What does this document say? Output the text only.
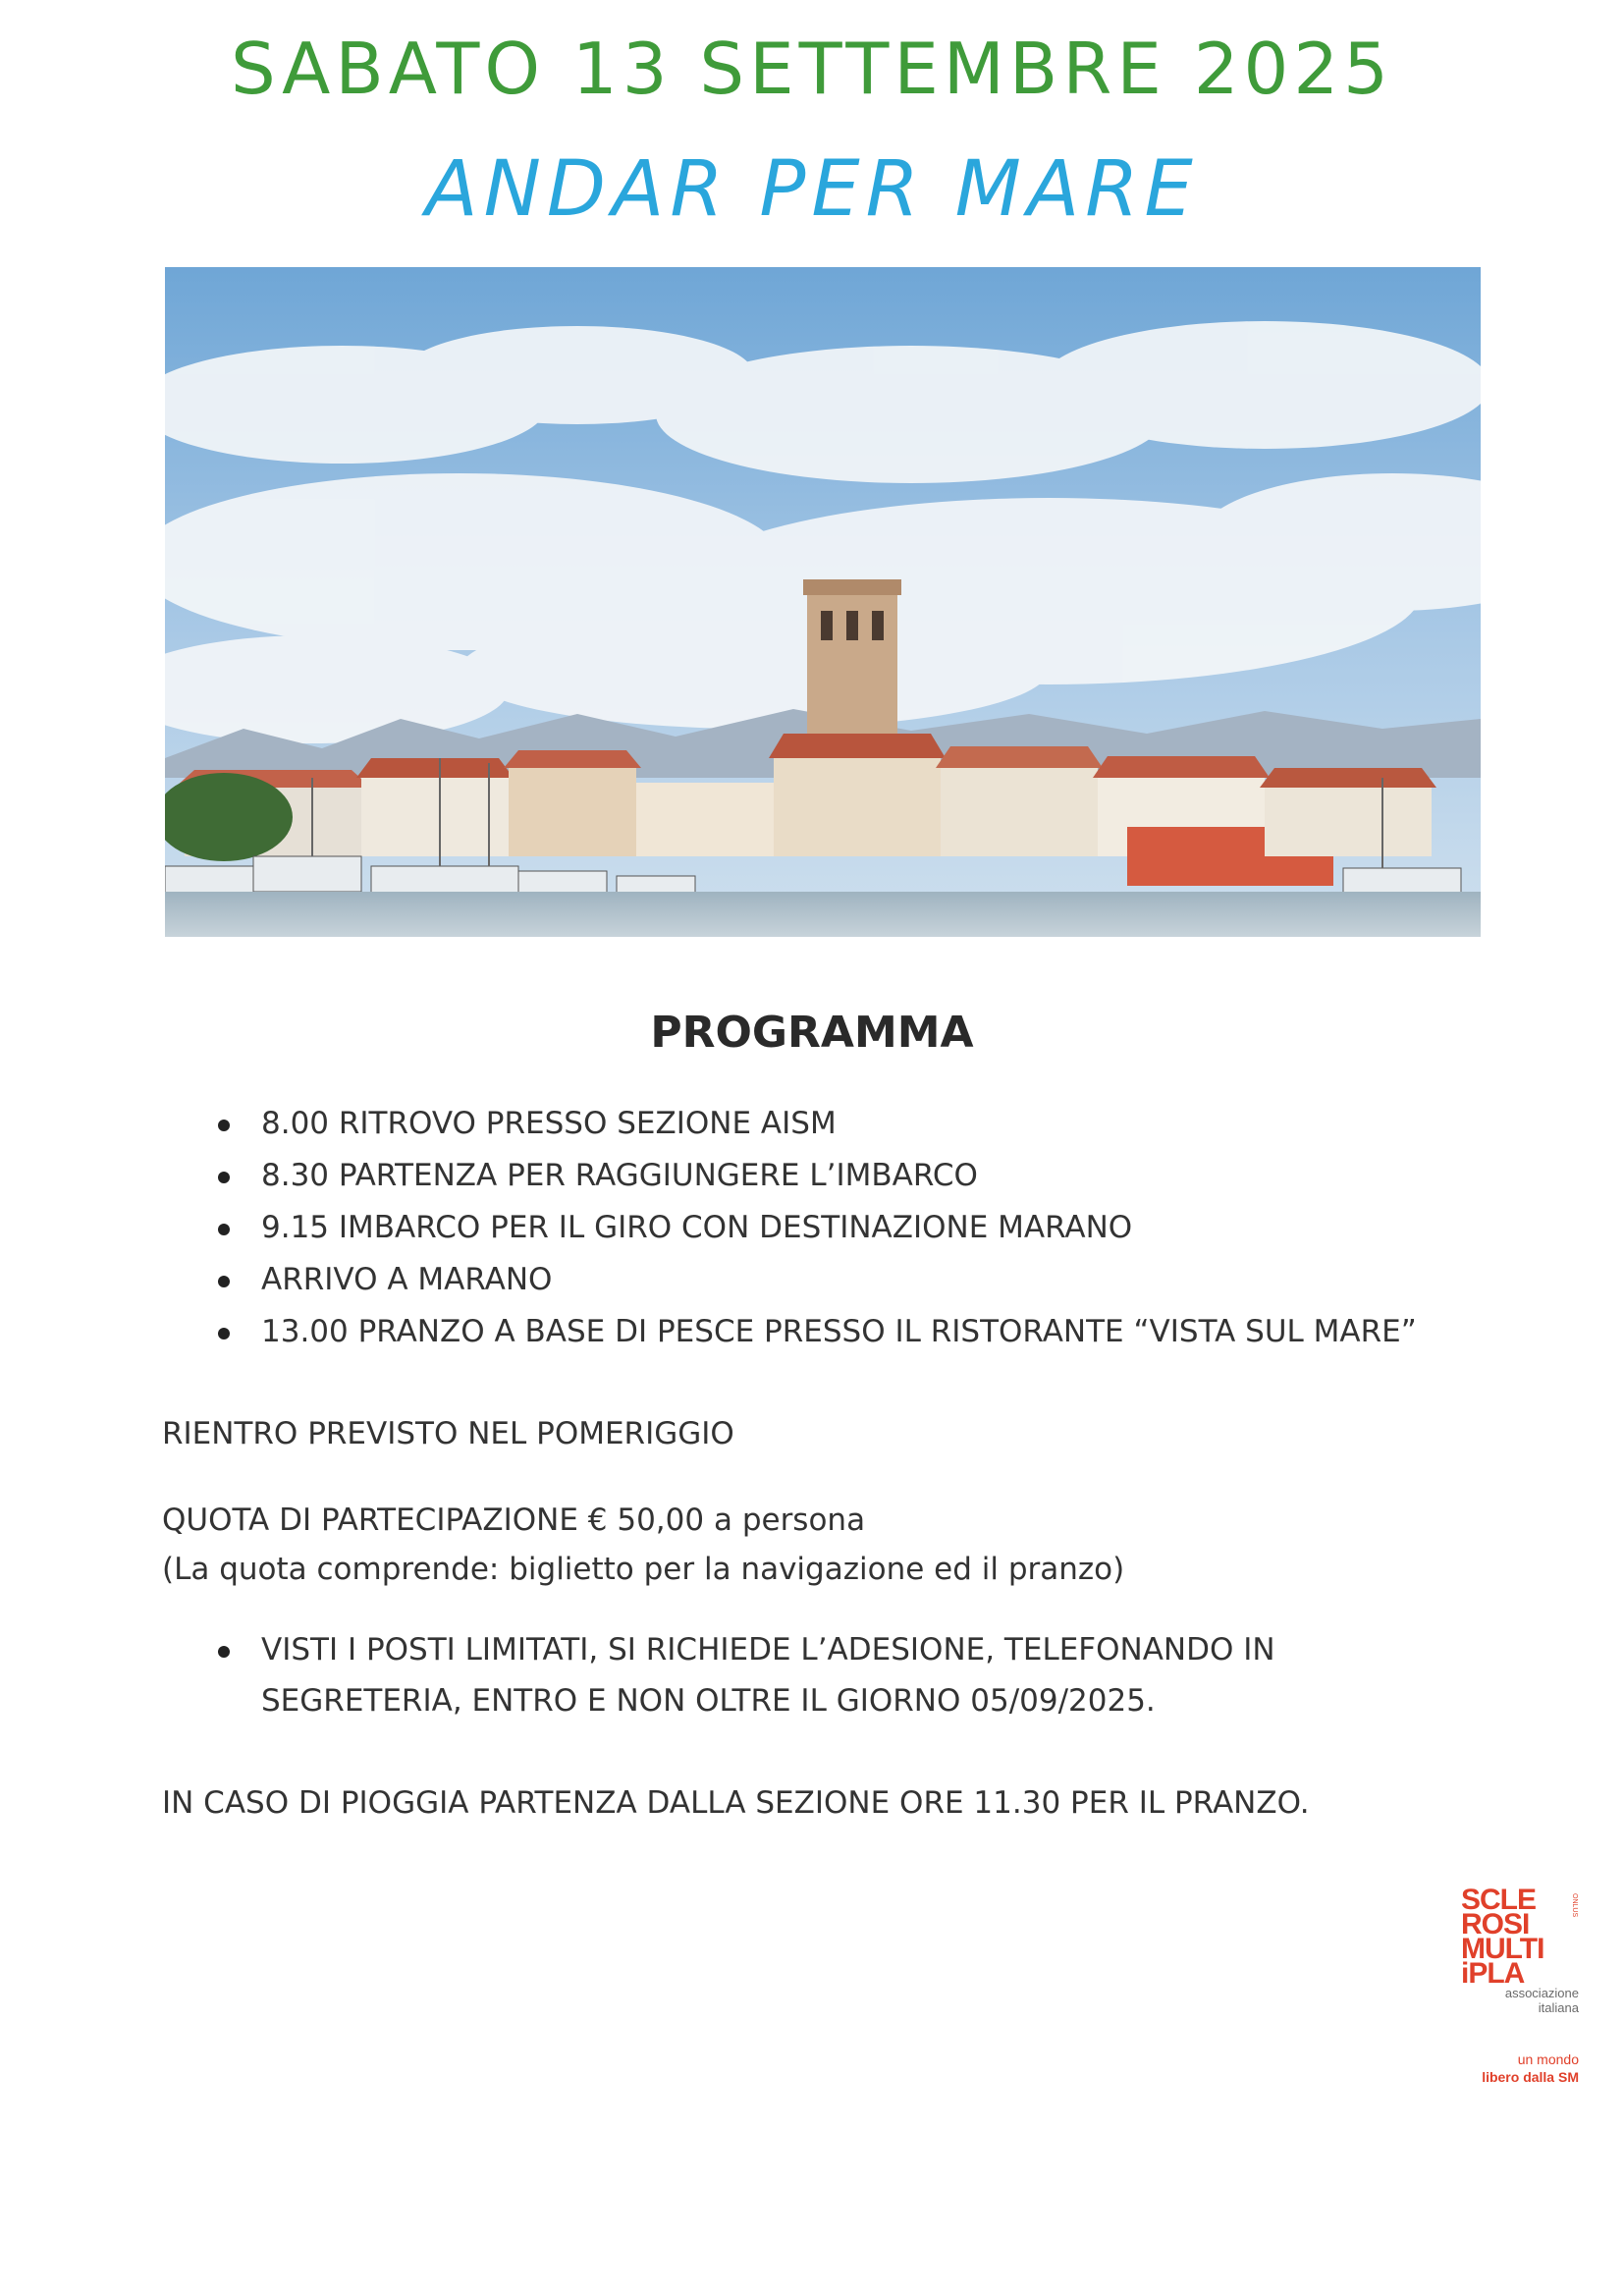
SABATO 13 SETTEMBRE 2025
ANDAR PER MARE
PROGRAMMA
8.00 RITROVO PRESSO SEZIONE AISM
8.30 PARTENZA PER RAGGIUNGERE L’IMBARCO
9.15 IMBARCO PER IL GIRO CON DESTINAZIONE MARANO
ARRIVO A MARANO
13.00 PRANZO A BASE DI PESCE PRESSO IL RISTORANTE “VISTA SUL MARE”
RIENTRO PREVISTO NEL POMERIGGIO
QUOTA DI PARTECIPAZIONE € 50,00 a persona
(La quota comprende: biglietto per la navigazione ed il pranzo)
VISTI I POSTI LIMITATI, SI RICHIEDE L’ADESIONE, TELEFONANDO IN SEGRETERIA, ENTRO E NON OLTRE IL GIORNO 05/09/2025.
IN CASO DI PIOGGIA PARTENZA DALLA SEZIONE ORE 11.30 PER IL PRANZO.
SCLE
ROSI
MULTI
iPLA
ONLUS
associazione
italiana
un mondo
libero dalla SM
